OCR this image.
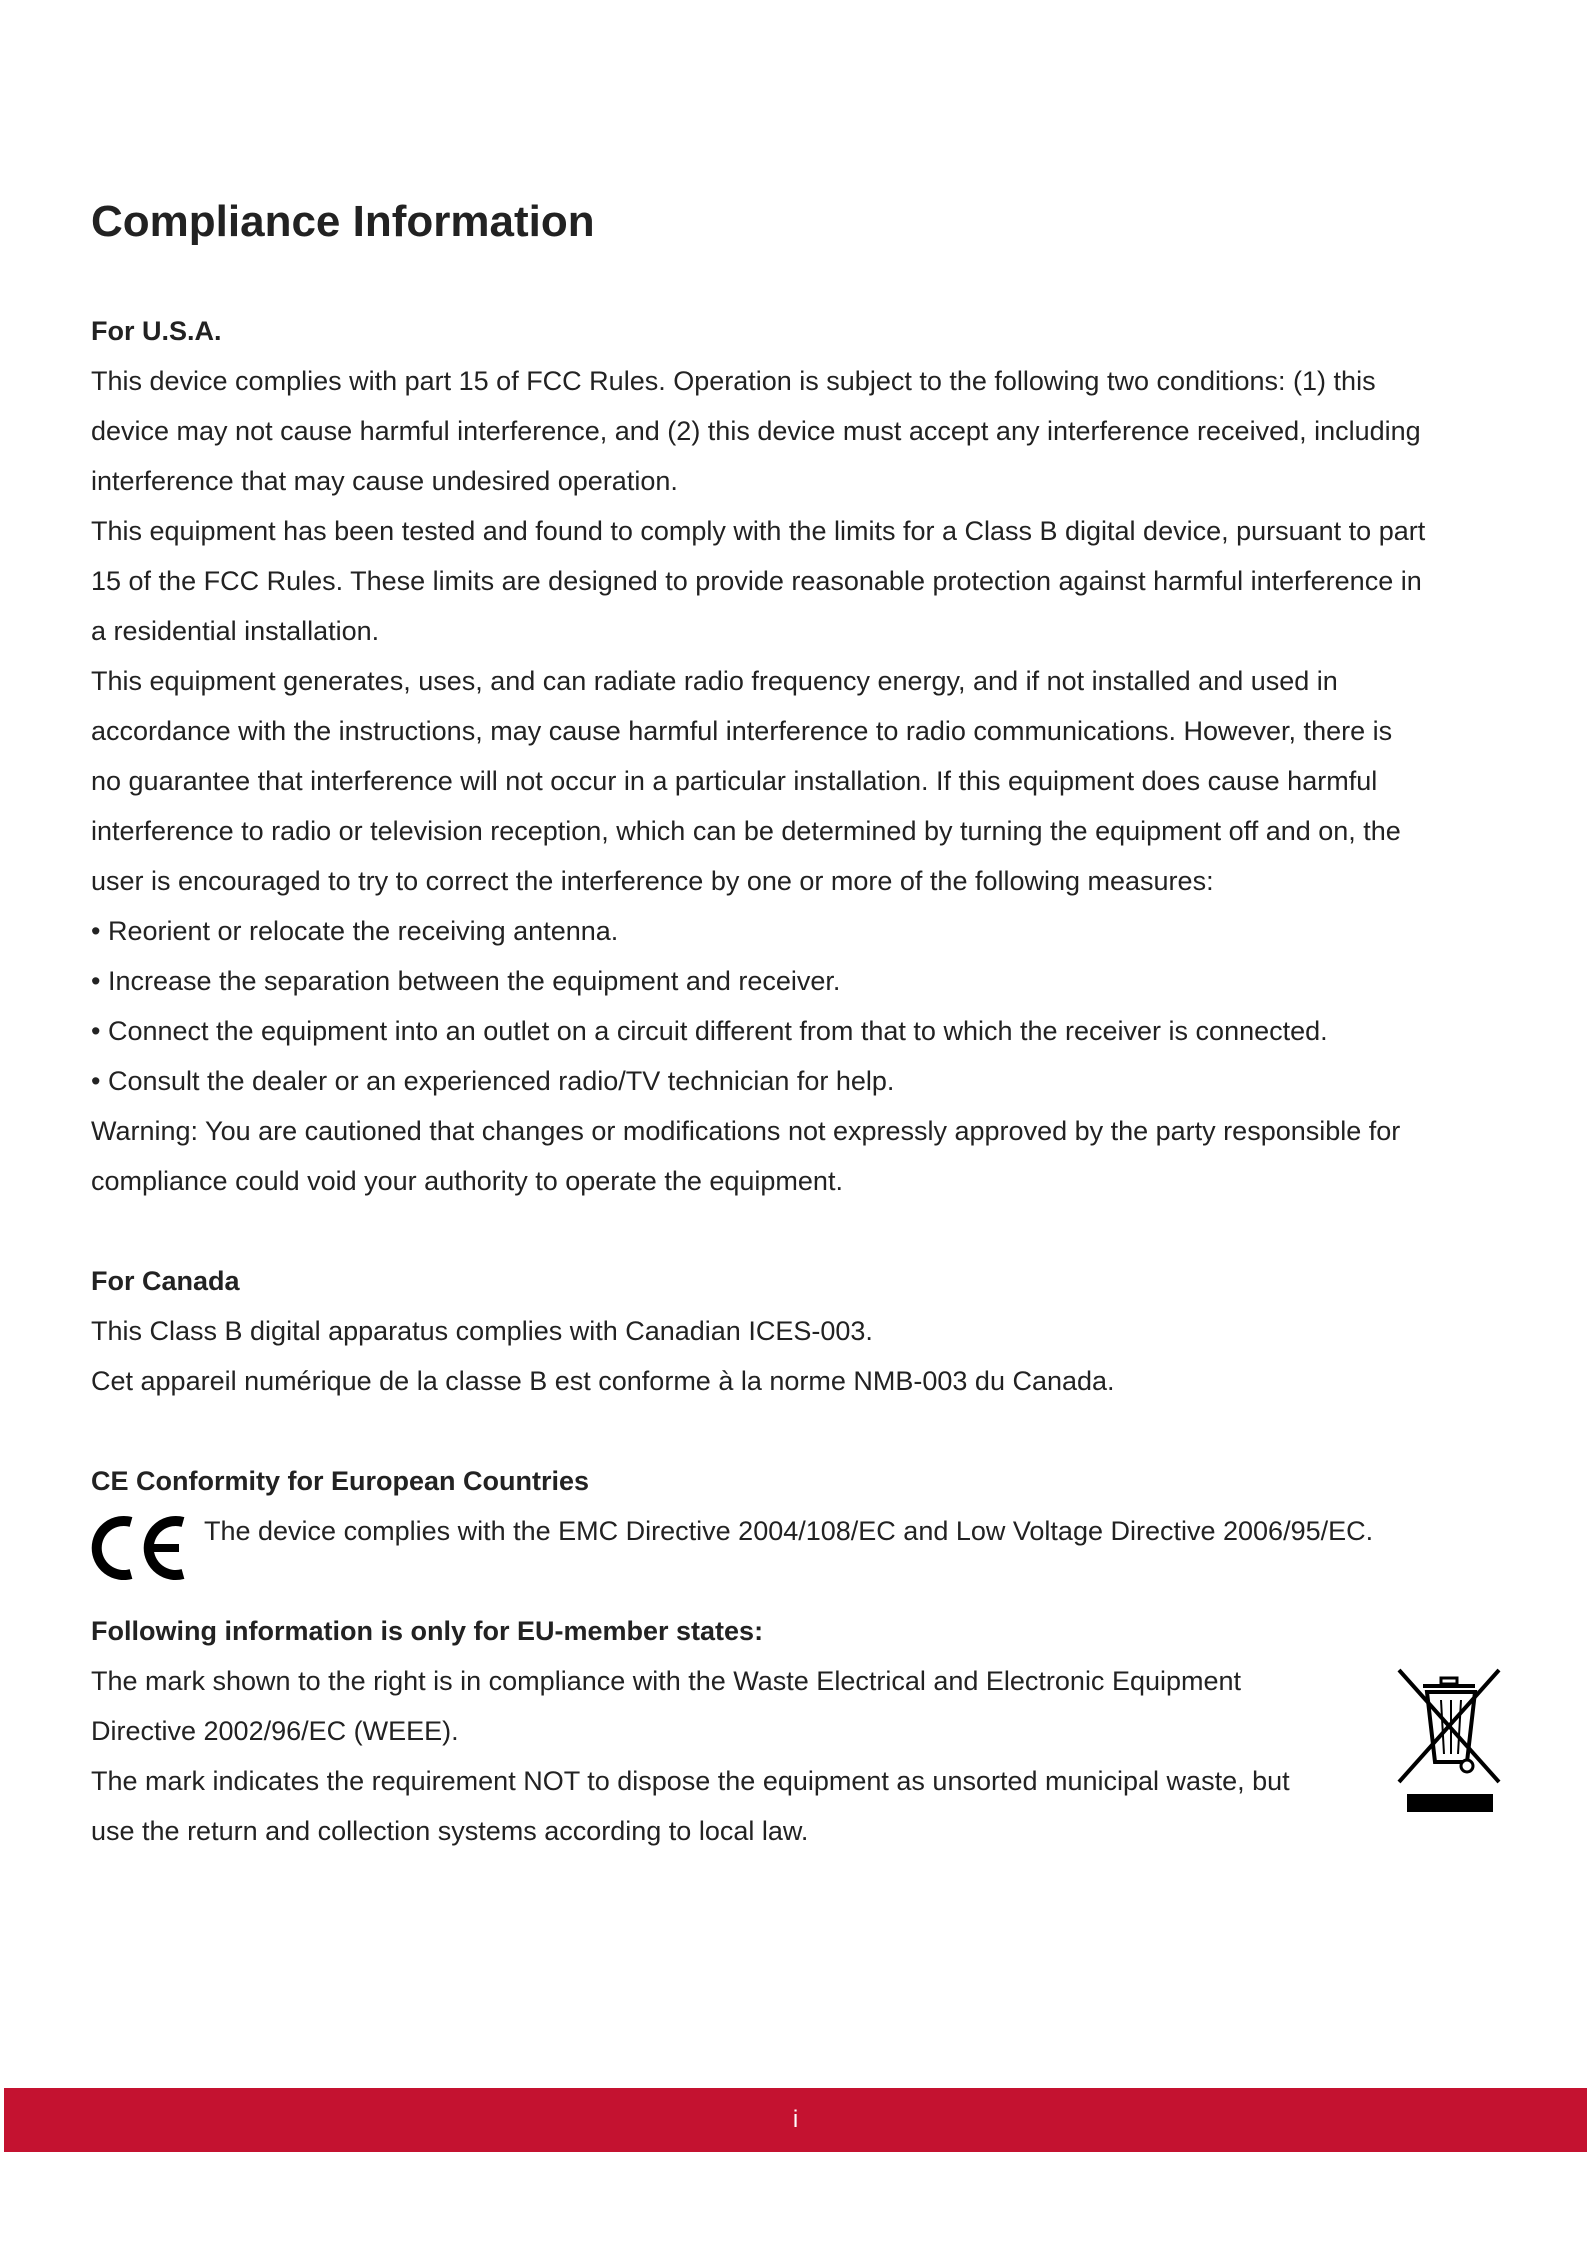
Compliance Information
For U.S.A.
This device complies with part 15 of FCC Rules. Operation is subject to the following two conditions: (1) this
device may not cause harmful interference, and (2) this device must accept any interference received, including
interference that may cause undesired operation.
This equipment has been tested and found to comply with the limits for a Class B digital device, pursuant to part
15 of the FCC Rules. These limits are designed to provide reasonable protection against harmful interference in
a residential installation.
This equipment generates, uses, and can radiate radio frequency energy, and if not installed and used in
accordance with the instructions, may cause harmful interference to radio communications. However, there is
no guarantee that interference will not occur in a particular installation. If this equipment does cause harmful
interference to radio or television reception, which can be determined by turning the equipment off and on, the
user is encouraged to try to correct the interference by one or more of the following measures:
• Reorient or relocate the receiving antenna.
• Increase the separation between the equipment and receiver.
• Connect the equipment into an outlet on a circuit different from that to which the receiver is connected.
• Consult the dealer or an experienced radio/TV technician for help.
Warning: You are cautioned that changes or modifications not expressly approved by the party responsible for
compliance could void your authority to operate the equipment.
For Canada
This Class B digital apparatus complies with Canadian ICES-003.
Cet appareil numérique de la classe B est conforme à la norme NMB-003 du Canada.
CE Conformity for European Countries
The device complies with the EMC Directive 2004/108/EC and Low Voltage Directive 2006/95/EC.
Following information is only for EU-member states:
The mark shown to the right is in compliance with the Waste Electrical and Electronic Equipment
Directive 2002/96/EC (WEEE).
The mark indicates the requirement NOT to dispose the equipment as unsorted municipal waste, but
use the return and collection systems according to local law.
i
